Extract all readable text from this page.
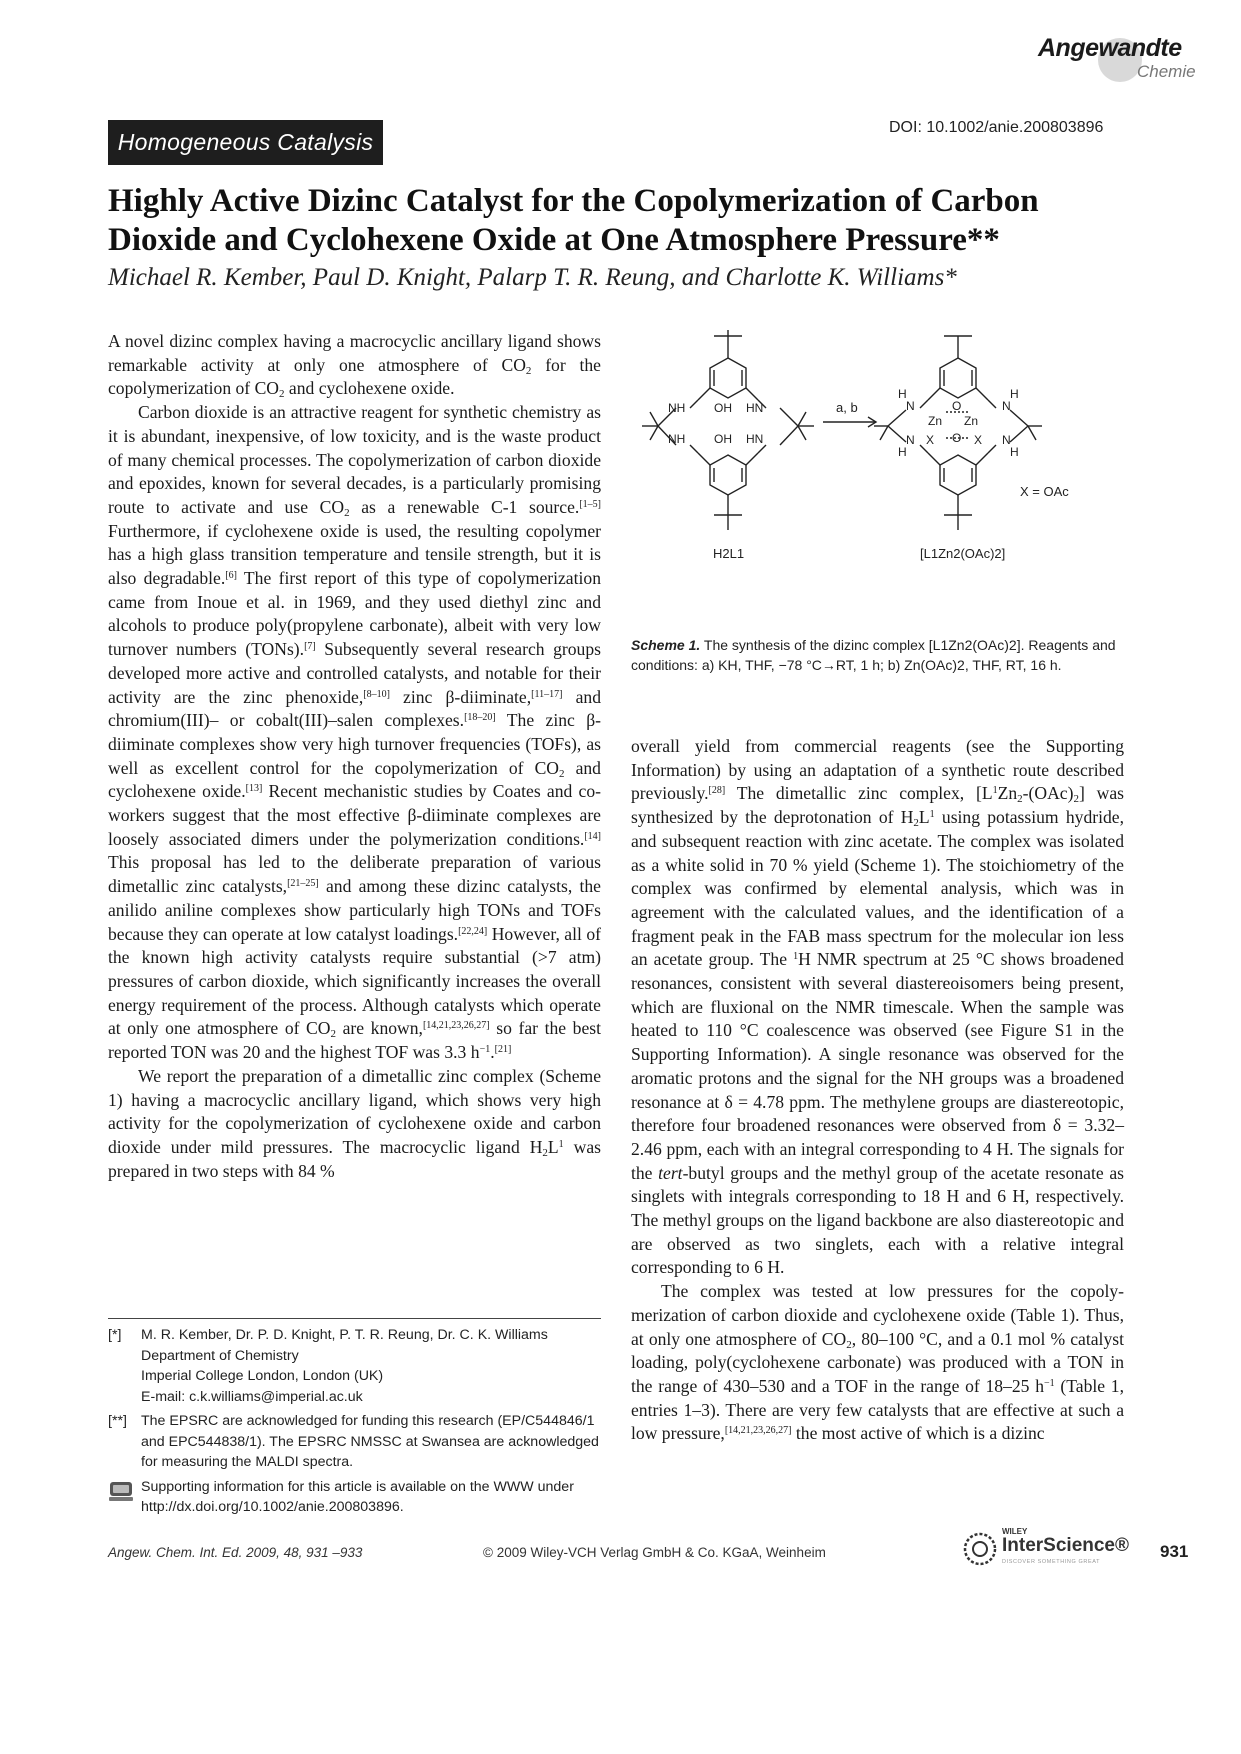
Angewandte
Chemie
Homogeneous Catalysis
DOI: 10.1002/anie.200803896
Highly Active Dizinc Catalyst for the Copolymerization of Carbon Dioxide and Cyclohexene Oxide at One Atmosphere Pressure**
Michael R. Kember, Paul D. Knight, Palarp T. R. Reung, and Charlotte K. Williams*

A novel dizinc complex having a macrocyclic ancillary ligand shows remarkable activity at only one atmosphere of $CO_2$ for the copolymerization of $CO_2$ and cyclohexene oxide.

Carbon dioxide is an attractive reagent for synthetic chemistry as it is abundant, inexpensive, of low toxicity, and is the waste product of many chemical processes. The copolymerization of carbon dioxide and epoxides, known for several decades, is a particularly promising route to activate and use $CO_2$ as a renewable C-1 source.[1–5] Furthermore, if cyclohexene oxide is used, the resulting copolymer has a high glass transition temperature and tensile strength, but it is also degradable.[6] The first report of this type of copolymerization came from Inoue et al. in 1969, and they used diethyl zinc and alcohols to produce poly(propylene carbonate), albeit with very low turnover numbers (TONs).[7] Subsequently several research groups developed more active and controlled catalysts, and notable for their activity are the zinc phenoxide,[8–10] zinc β-diiminate,[11–17] and chromium(III)– or cobalt(III)–salen complexes.[18–20] The zinc β-diiminate complexes show very high turnover frequencies (TOFs), as well as excellent control for the copolymerization of $CO_2$ and cyclohexene oxide.[13] Recent mechanistic studies by Coates and co-workers suggest that the most effective β-diiminate complexes are loosely associated dimers under the polymerization conditions.[14] This proposal has led to the deliberate preparation of various dimetallic zinc catalysts,[21–25] and among these dizinc catalysts, the anilido aniline complexes show particularly high TONs and TOFs because they can operate at low catalyst loadings.[22,24] However, all of the known high activity catalysts require substantial (>7 atm) pressures of carbon dioxide, which significantly increases the overall energy requirement of the process. Although catalysts which operate at only one atmosphere of $CO_2$ are known,[14,21,23,26,27] so far the best reported TON was 20 and the highest TOF was 3.3 $h^{-1}.[21]$

We report the preparation of a dimetallic zinc complex (Scheme 1) having a macrocyclic ancillary ligand, which shows very high activity for the copolymerization of cyclohexene oxide and carbon dioxide under mild pressures. The macrocyclic ligand $H_2L^1$ was prepared in two steps with 84 %

NH OH HN
NH OH HN
H
N	O	N
H
Zn Zn
N X O X N
H	H
a, b
X = OAc
H2L1	[L1Zn2(OAc)2]
Scheme 1. The synthesis of the dizinc complex [L1Zn2(OAc)2]. Reagents and conditions: a) KH, THF, −78 °C→RT, 1 h; b) Zn(OAc)2, THF, RT, 16 h.

overall yield from commercial reagents (see the Supporting Information) by using an adaptation of a synthetic route described previously.[28] The dimetallic zinc complex, $[L^1Zn_2-(OAc)_2]$ was synthesized by the deprotonation of $H_2L^1$ using potassium hydride, and subsequent reaction with zinc acetate. The complex was isolated as a white solid in 70 % yield (Scheme 1). The stoichiometry of the complex was confirmed by elemental analysis, which was in agreement with the calculated values, and the identification of a fragment peak in the FAB mass spectrum for the molecular ion less an acetate group. The $^1$H NMR spectrum at 25 °C shows broadened resonances, consistent with several diastereoisomers being present, which are fluxional on the NMR timescale. When the sample was heated to 110 °C coalescence was observed (see Figure S1 in the Supporting Information). A single resonance was observed for the aromatic protons and the signal for the NH groups was a broadened resonance at δ = 4.78 ppm. The methylene groups are diastereotopic, therefore four broadened resonances were observed from δ = 3.32–2.46 ppm, each with an integral corresponding to 4 H. The signals for the tert-butyl groups and the methyl group of the acetate resonate as singlets with integrals corresponding to 18 H and 6 H, respectively. The methyl groups on the ligand backbone are also diastereotopic and are observed as two singlets, each with a relative integral corresponding to 6 H.

The complex was tested at low pressures for the copolymerization of carbon dioxide and cyclohexene oxide (Table 1). Thus, at only one atmosphere of $CO_2$, 80–100 °C, and a 0.1 mol % catalyst loading, poly(cyclohexene carbonate) was produced with a TON in the range of 430–530 and a TOF in the range of 18–25 $h^{-1}$ (Table 1, entries 1–3). There are very few catalysts that are effective at such a low pressure,[14,21,23,26,27] the most active of which is a dizinc

[*] M. R. Kember, Dr. P. D. Knight, P. T. R. Reung, Dr. C. K. Williams
Department of Chemistry
Imperial College London, London (UK)
E-mail: c.k.williams@imperial.ac.uk
[**] The EPSRC are acknowledged for funding this research (EP/C544846/1 and EPC544838/1). The EPSRC NMSSC at Swansea are acknowledged for measuring the MALDI spectra.
Supporting information for this article is available on the WWW under http://dx.doi.org/10.1002/anie.200803896.
Angew. Chem. Int. Ed. 2009, 48, 931 –933	© 2009 Wiley-VCH Verlag GmbH & Co. KGaA, Weinheim
WILEY
InterScience®
DISCOVER SOMETHING GREAT
931
